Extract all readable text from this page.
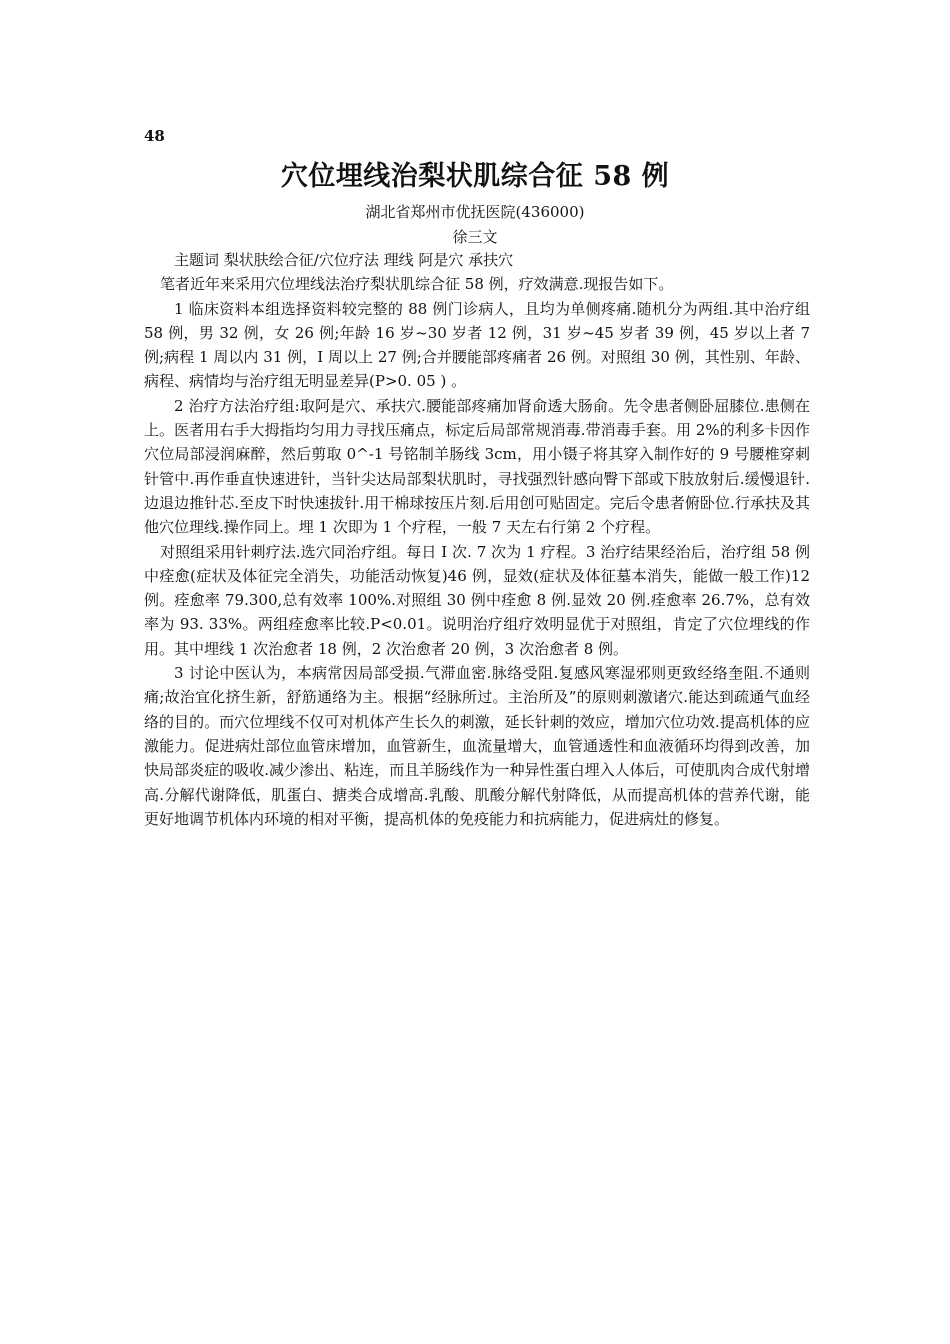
48
穴位埋线治梨状肌综合征 58 例
湖北省郑州市优抚医院(436000)
徐三文

主题词 梨状肤绘合征/穴位疗法 理线 阿是穴 承扶穴

笔者近年来采用穴位埋线法治疗梨状肌综合征 58 例，疗效满意.现报告如下。

1 临床资料本组选择资料较完整的 88 例门诊病人，且均为单侧疼痛.随机分为两组.其中治疗组 58 例，男 32 例，女 26 例;年龄 16 岁~30 岁者 12 例，31 岁~45 岁者 39 例，45 岁以上者 7 例;病程 1 周以内 31 例，I 周以上 27 例;合并腰能部疼痛者 26 例。对照组 30 例，其性别、年龄、病程、病情均与治疗组无明显差异(P>0. 05 ) 。

2 治疗方法治疗组:取阿是穴、承扶穴.腰能部疼痛加肾俞透大肠俞。先令患者侧卧屈膝位.患侧在上。医者用右手大拇指均匀用力寻找压痛点，标定后局部常规消毒.带消毒手套。用 2%的利多卡因作穴位局部浸润麻醉，然后剪取 0^-1 号铭制羊肠线 3cm，用小镊子将其穿入制作好的 9 号腰椎穿刺针管中.再作垂直快速进针，当针尖达局部梨状肌时，寻找强烈针感向臀下部或下肢放射后.缓慢退针.边退边推针芯.至皮下时快速拔针.用干棉球按压片刻.后用创可贴固定。完后令患者俯卧位.行承扶及其他穴位理线.操作同上。埋 1 次即为 1 个疗程，一般 7 天左右行第 2 个疗程。

对照组采用针刺疗法.选穴同治疗组。每日 I 次. 7 次为 1 疗程。3 治疗结果经治后，治疗组 58 例中痊愈(症状及体征完全消失，功能活动恢复)46 例，显效(症状及体征墓本消失，能做一般工作)12 例。痊愈率 79.300,总有效率 100%.对照组 30 例中痊愈 8 例.显效 20 例.痊愈率 26.7%，总有效率为 93. 33%。两组痊愈率比较.P<0.01。说明治疗组疗效明显优于对照组，肯定了穴位埋线的作用。其中埋线 1 次治愈者 18 例，2 次治愈者 20 例，3 次治愈者 8 例。

3 讨论中医认为，本病常因局部受损.气滞血密.脉络受阻.复感风寒湿邪则更致经络奎阻.不通则痛;故治宜化挤生新，舒筋通络为主。根据“经脉所过。主治所及”的原则刺激诸穴.能达到疏通气血经络的目的。而穴位埋线不仅可对机体产生长久的刺激，延长针刺的效应，增加穴位功效.提高机体的应激能力。促进病灶部位血管床增加，血管新生，血流量增大，血管通透性和血液循环均得到改善，加快局部炎症的吸收.减少渗出、粘连，而且羊肠线作为一种异性蛋白埋入人体后，可使肌肉合成代射增高.分解代谢降低，肌蛋白、搪类合成增高.乳酸、肌酸分解代射降低，从而提高机体的营养代谢，能更好地调节机体内环境的相对平衡，提高机体的免疫能力和抗病能力，促进病灶的修复。
